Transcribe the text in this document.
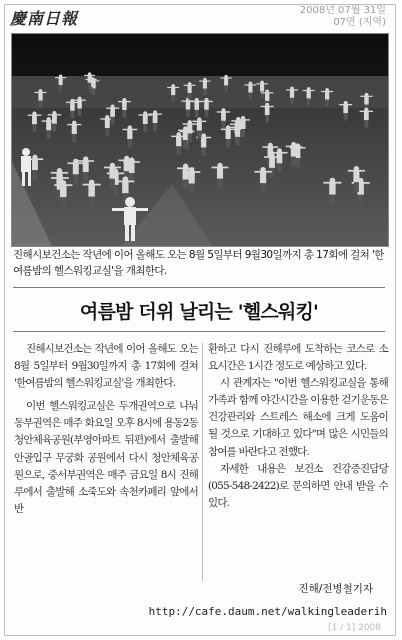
慶南日報	2008년 07월 31일
07면 (지역)
진해시보건소는 작년에 이어 올해도 오는 8월 5일부터 9월30일까지 총 17회에 걸쳐 '한여름밤의 헬스워킹교실'을 개최한다.
여름밤 더위 날리는 '헬스워킹'

진해시보건소는 작년에 이어 올해도 오는 8월 5일부터 9월30일까지 총 17회에 걸쳐 '한여름밤의 헬스워킹교실'을 개최한다.

이번 헬스워킹교실은 두개권역으로 나눠 동부권역은 매주 화요일 오후 8시에 용동2동 청안체육공원(부영아파트 뒤편)에서 출발해 안골입구 무궁화 공원에서 다시 청안체육공원으로, 중서부권역은 매주 금요일 8시 진해루에서 출발해 소죽도와 속천카페리 앞에서 반

환하고 다시 진해루에 도착하는 코스로 소요시간은 1시간 정도로 예상하고 있다.

시 관계자는 "이번 헬스워킹교실을 통해 가족과 함께 야간시간을 이용한 걷기운동은 건강관리와 스트레스 해소에 크게 도움이 될 것으로 기대하고 있다"며 많은 시민들의 참여를 바란다고 전했다.

자세한 내용은 보건소 건강증진담당(055-548-2422)로 문의하면 안내 받을 수 있다.

진해/전병철기자
http://cafe.daum.net/walkingleaderih
[1 / 1] 2008
